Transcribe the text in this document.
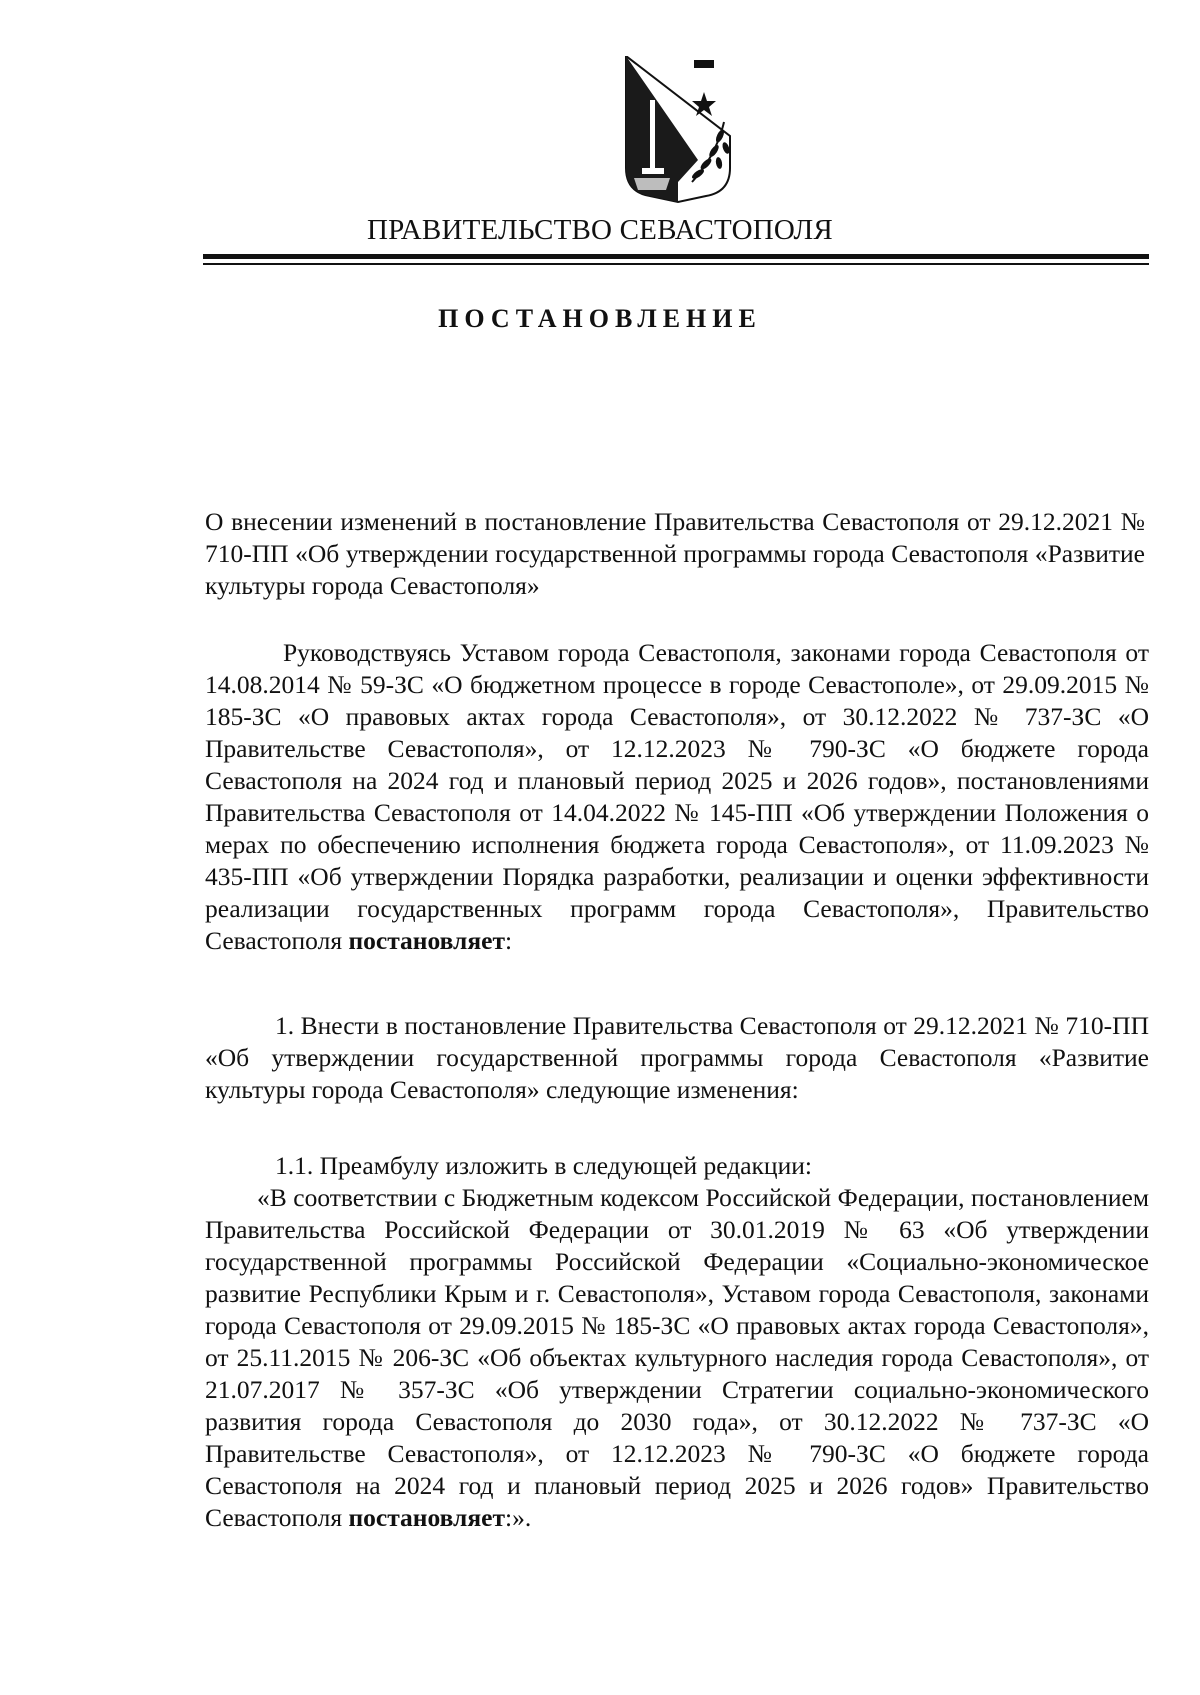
ПРАВИТЕЛЬСТВО СЕВАСТОПОЛЯ
ПОСТАНОВЛЕНИЕ

О внесении изменений в постановление Правительства Севастополя от 29.12.2021 № 710-ПП «Об утверждении государственной программы города Севастополя «Развитие культуры города Севастополя»

Руководствуясь Уставом города Севастополя, законами города Севастополя от 14.08.2014 № 59-ЗС «О бюджетном процессе в городе Севастополе», от 29.09.2015 № 185-ЗС «О правовых актах города Севастополя», от 30.12.2022 № 737-ЗС «О Правительстве Севастополя», от 12.12.2023 № 790-ЗС «О бюджете города Севастополя на 2024 год и плановый период 2025 и 2026 годов», постановлениями Правительства Севастополя от 14.04.2022 № 145-ПП «Об утверждении Положения о мерах по обеспечению исполнения бюджета города Севастополя», от 11.09.2023 № 435-ПП «Об утверждении Порядка разработки, реализации и оценки эффективности реализации государственных программ города Севастополя», Правительство Севастополя постановляет:

1. Внести в постановление Правительства Севастополя от 29.12.2021 № 710-ПП «Об утверждении государственной программы города Севастополя «Развитие культуры города Севастополя» следующие изменения:

1.1. Преамбулу изложить в следующей редакции:

«В соответствии с Бюджетным кодексом Российской Федерации, постановлением Правительства Российской Федерации от 30.01.2019 № 63 «Об утверждении государственной программы Российской Федерации «Социально-экономическое развитие Республики Крым и г. Севастополя», Уставом города Севастополя, законами города Севастополя от 29.09.2015 № 185-ЗС «О правовых актах города Севастополя», от 25.11.2015 № 206-ЗС «Об объектах культурного наследия города Севастополя», от 21.07.2017 № 357-ЗС «Об утверждении Стратегии социально-экономического развития города Севастополя до 2030 года», от 30.12.2022 № 737-ЗС «О Правительстве Севастополя», от 12.12.2023 № 790-ЗС «О бюджете города Севастополя на 2024 год и плановый период 2025 и 2026 годов» Правительство Севастополя постановляет:».
